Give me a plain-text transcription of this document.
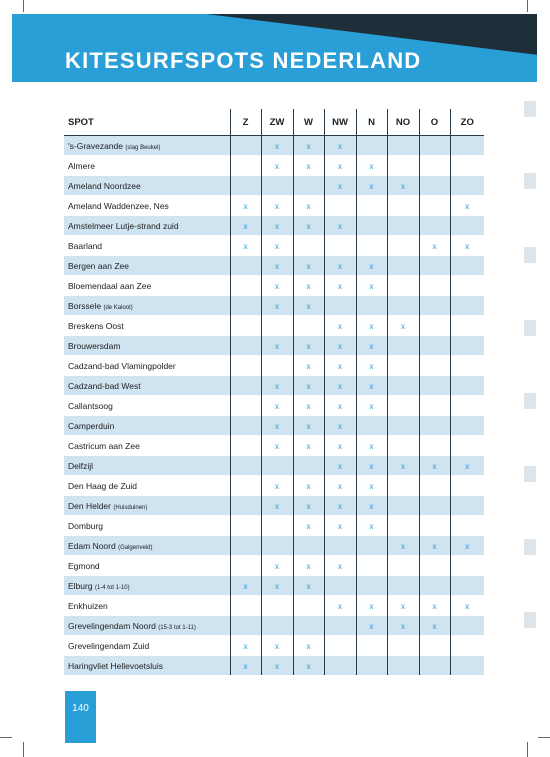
KITESURFSPOTS NEDERLAND
SPOT	Z	ZW	W	NW	N	NO	O	ZO
's-Gravezande (slag Beukel)		x	x	x				
Almere		x	x	x	x			
Ameland Noordzee				x	x	x		
Ameland Waddenzee, Nes	x	x	x					x
Amstelmeer Lutje-strand zuid	x	x	x	x				
Baarland	x	x					x	x
Bergen aan Zee		x	x	x	x			
Bloemendaal aan Zee		x	x	x	x			
Borssele (de Kaloot)		x	x					
Breskens Oost				x	x	x		
Brouwersdam		x	x	x	x			
Cadzand-bad Vlamingpolder			x	x	x			
Cadzand-bad West		x	x	x	x			
Callantsoog		x	x	x	x			
Camperduin		x	x	x				
Castricum aan Zee		x	x	x	x			
Delfzijl				x	x	x	x	x
Den Haag de Zuid		x	x	x	x			
Den Helder (Huisduinen)		x	x	x	x			
Domburg			x	x	x			
Edam Noord (Galgenveld)						x	x	x
Egmond		x	x	x				
Elburg (1-4 tot 1-10)	x	x	x					
Enkhuizen				x	x	x	x	x
Grevelingendam Noord (15-3 tot 1-11)					x	x	x	
Grevelingendam Zuid	x	x	x					
Haringvliet Hellevoetsluis	x	x	x					
140
